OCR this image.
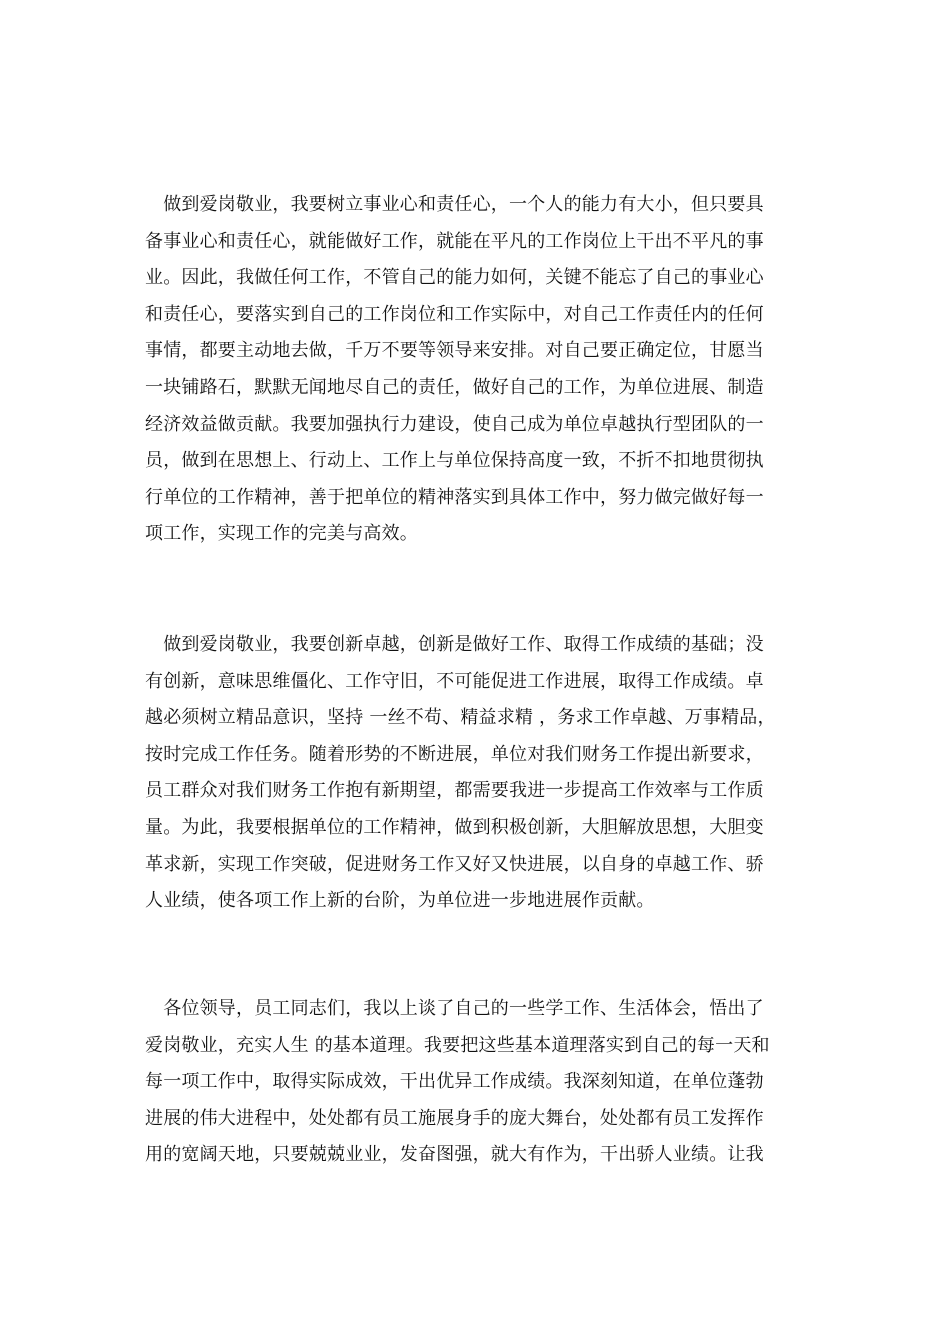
　做到爱岗敬业，我要树立事业心和责任心，一个人的能力有大小，但只要具
备事业心和责任心，就能做好工作，就能在平凡的工作岗位上干出不平凡的事
业。因此，我做任何工作，不管自己的能力如何，关键不能忘了自己的事业心
和责任心，要落实到自己的工作岗位和工作实际中，对自己工作责任内的任何
事情，都要主动地去做，千万不要等领导来安排。对自己要正确定位，甘愿当
一块铺路石，默默无闻地尽自己的责任，做好自己的工作，为单位进展、制造
经济效益做贡献。我要加强执行力建设，使自己成为单位卓越执行型团队的一
员，做到在思想上、行动上、工作上与单位保持高度一致，不折不扣地贯彻执
行单位的工作精神，善于把单位的精神落实到具体工作中，努力做完做好每一
项工作，实现工作的完美与高效。
　做到爱岗敬业，我要创新卓越，创新是做好工作、取得工作成绩的基础；没
有创新，意味思维僵化、工作守旧，不可能促进工作进展，取得工作成绩。卓
越必须树立精品意识，坚持 一丝不苟、精益求精 ，务求工作卓越、万事精品，
按时完成工作任务。随着形势的不断进展，单位对我们财务工作提出新要求，
员工群众对我们财务工作抱有新期望，都需要我进一步提高工作效率与工作质
量。为此，我要根据单位的工作精神，做到积极创新，大胆解放思想，大胆变
革求新，实现工作突破，促进财务工作又好又快进展，以自身的卓越工作、骄
人业绩，使各项工作上新的台阶，为单位进一步地进展作贡献。
　各位领导，员工同志们，我以上谈了自己的一些学工作、生活体会，悟出了
爱岗敬业，充实人生 的基本道理。我要把这些基本道理落实到自己的每一天和
每一项工作中，取得实际成效，干出优异工作成绩。我深刻知道，在单位蓬勃
进展的伟大进程中，处处都有员工施展身手的庞大舞台，处处都有员工发挥作
用的宽阔天地，只要兢兢业业，发奋图强，就大有作为，干出骄人业绩。让我
